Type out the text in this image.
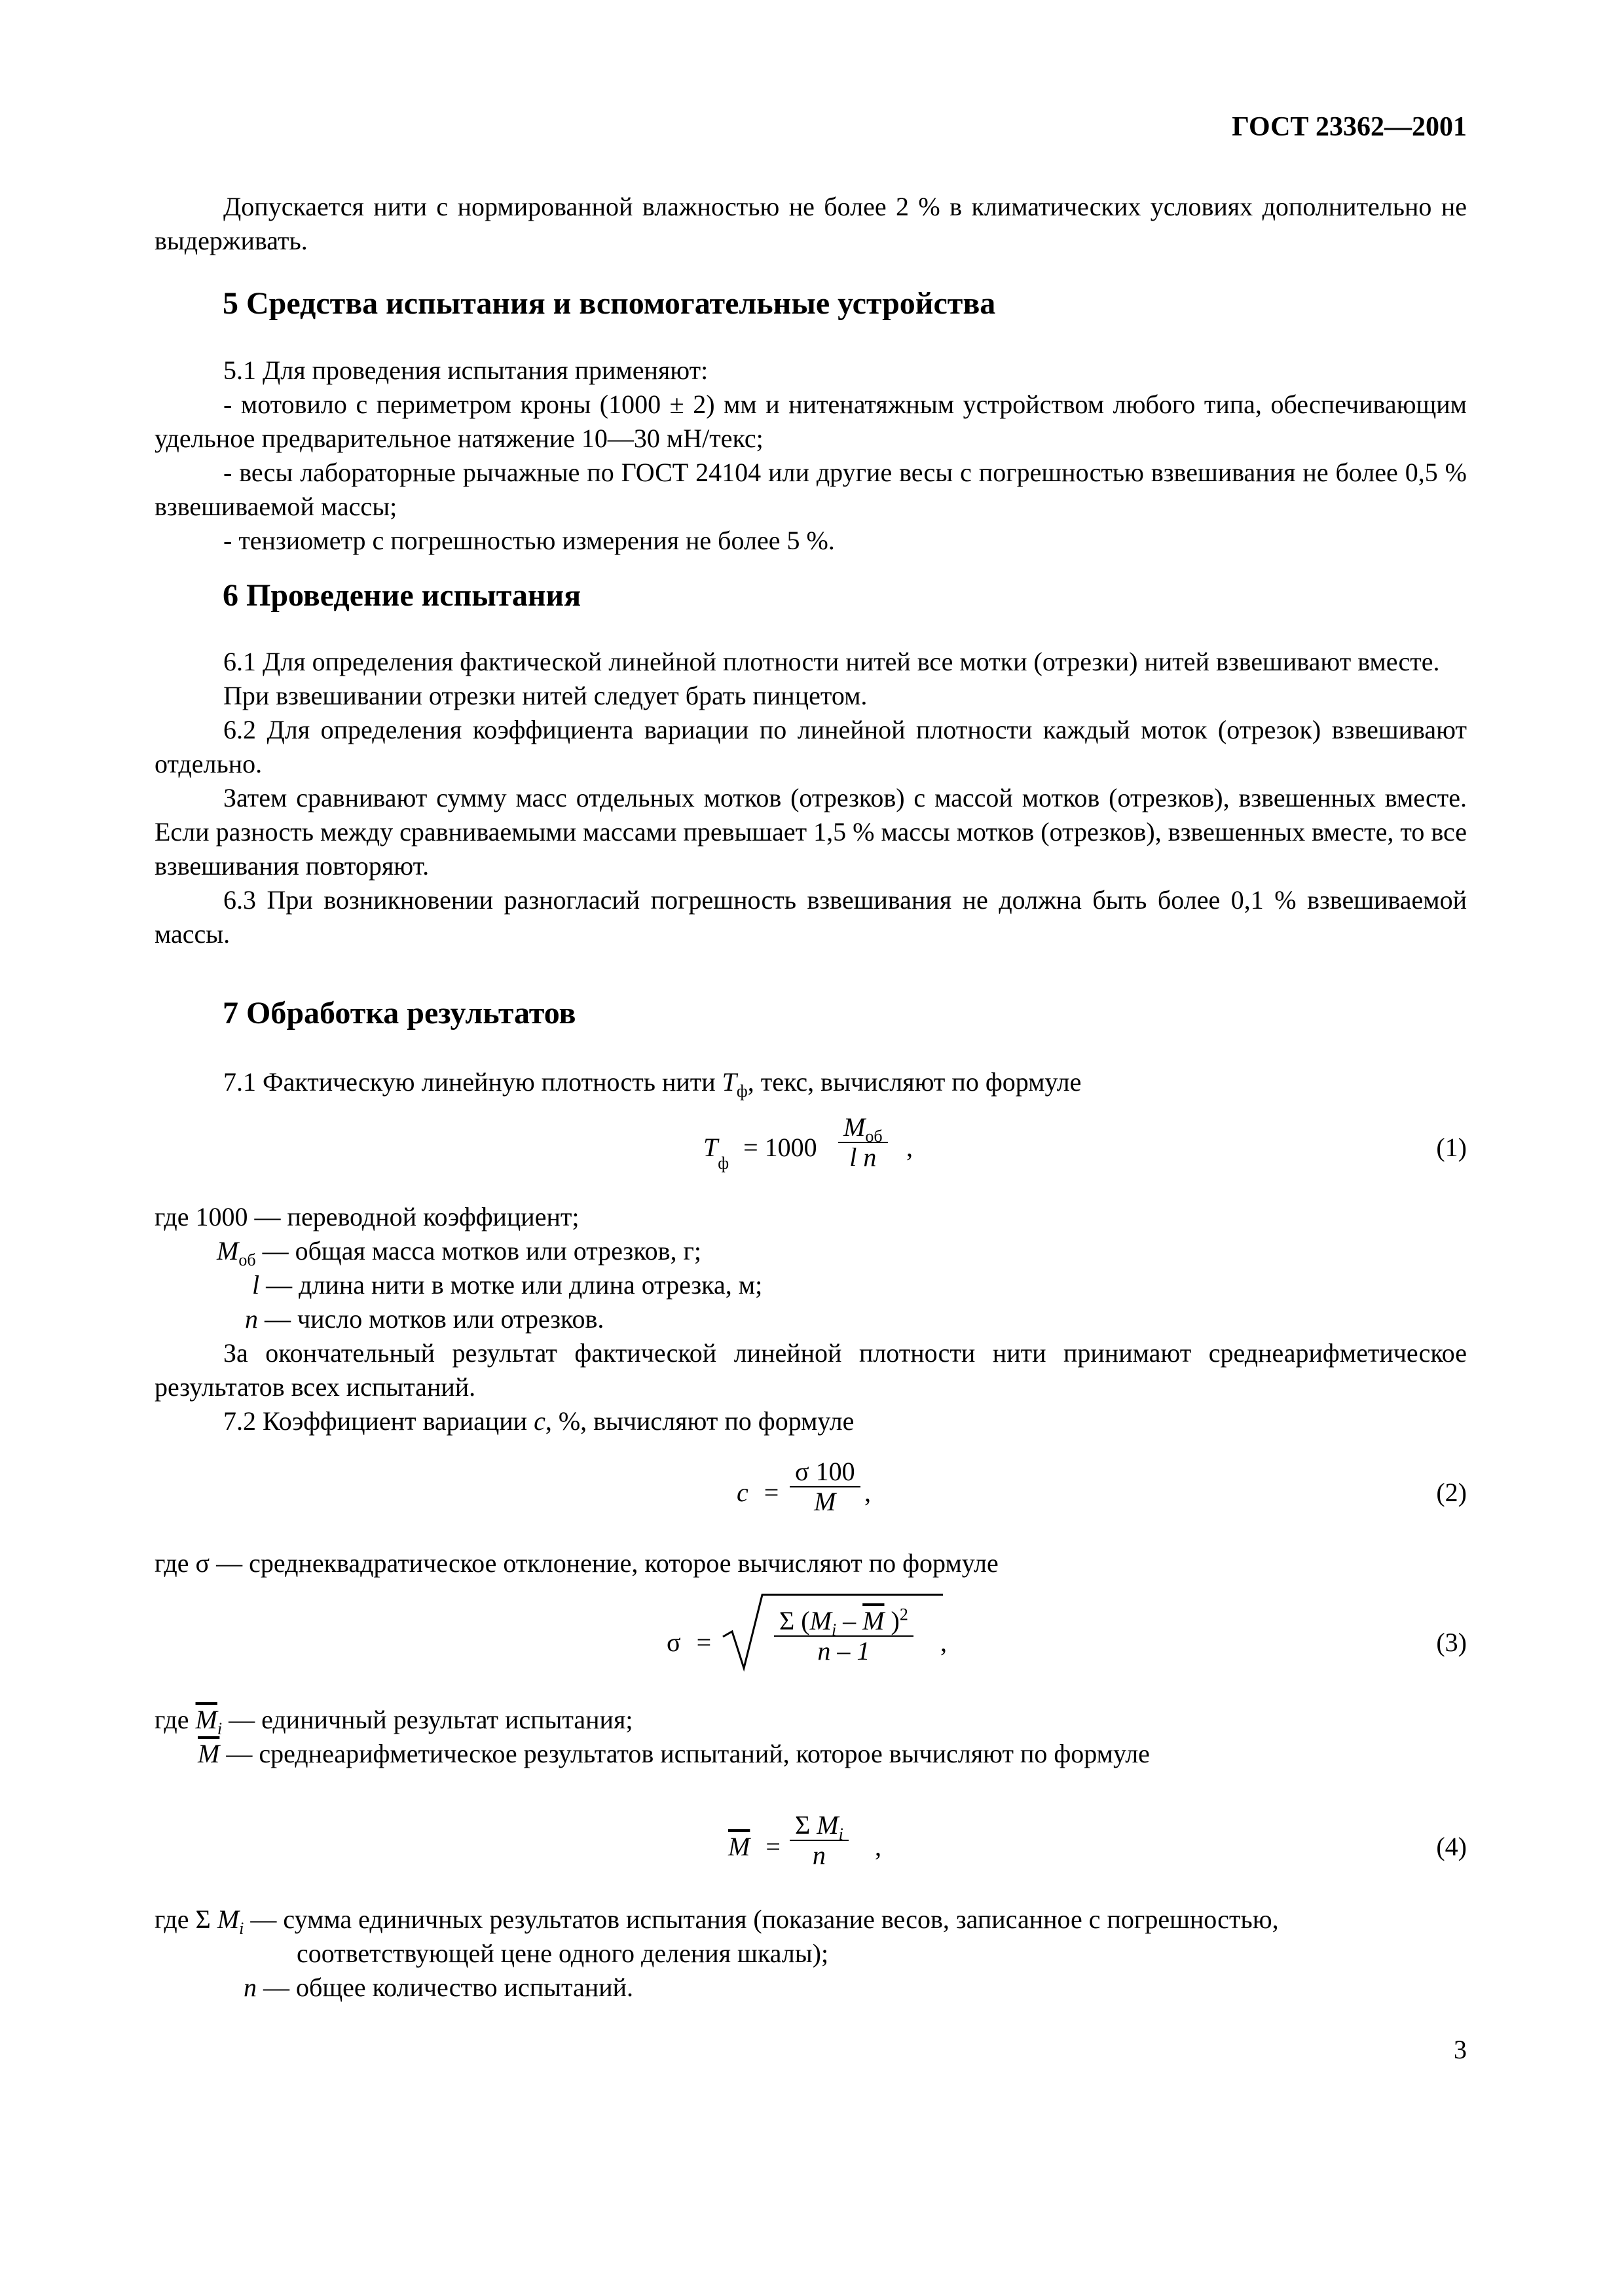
ГОСТ 23362—2001

Допускается нити с нормированной влажностью не более 2 % в климатических условиях дополнительно не выдерживать.

5 Средства испытания и вспомогательные устройства

5.1 Для проведения испытания применяют:

- мотовило с периметром кроны (1000 ± 2) мм и нитенатяжным устройством любого типа, обеспечивающим удельное предварительное натяжение 10—30 мН/текс;

- весы лабораторные рычажные по ГОСТ 24104 или другие весы с погрешностью взвешивания не более 0,5 % взвешиваемой массы;

- тензиометр с погрешностью измерения не более 5 %.

6 Проведение испытания

6.1 Для определения фактической линейной плотности нитей все мотки (отрезки) нитей взвешивают вместе.

При взвешивании отрезки нитей следует брать пинцетом.

6.2 Для определения коэффициента вариации по линейной плотности каждый моток (отрезок) взвешивают отдельно.

Затем сравнивают сумму масс отдельных мотков (отрезков) с массой мотков (отрезков), взвешенных вместе. Если разность между сравниваемыми массами превышает 1,5 % массы мотков (отрезков), взвешенных вместе, то все взвешивания повторяют.

6.3 При возникновении разногласий погрешность взвешивания не должна быть более 0,1 % взвешиваемой массы.

7 Обработка результатов
7.1 Фактическую линейную плотность нити $T_ф$, текс, вычисляют по формуле
$T_ф = 1000$
$M_{об}$
l n ,	(1)
где 1000 — переводной коэффициент;
$M_{об}$ — общая масса мотков или отрезков, г;
l — длина нити в мотке или длина отрезка, м;
n — число мотков или отрезков.

За окончательный результат фактической линейной плотности нити принимают среднеарифметическое результатов всех испытаний.

7.2 Коэффициент вариации c, %, вычисляют по формуле
c =
σ 100
M ,	(2)
где σ — среднеквадратическое отклонение, которое вычисляют по формуле
σ =
Σ ($M_i - \overline{M}$ )$^2$
n – 1	,	(3)
где $\overline{M}_i$ — единичный результат испытания;
$\overline{M}$ — среднеарифметическое результатов испытаний, которое вычисляют по формуле
$\overline{M}$ =
Σ $M_i$
n ,	(4)
где Σ $M_i$ — сумма единичных результатов испытания (показание весов, записанное с погрешностью,
соответствующей цене одного деления шкалы);
n — общее количество испытаний.
3
